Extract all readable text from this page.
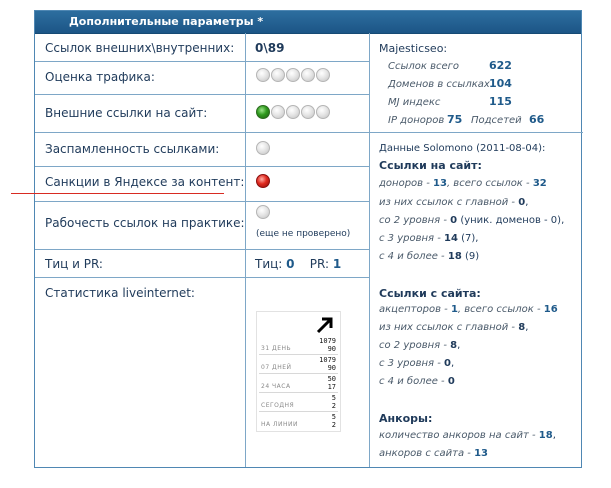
Дополнительные параметры *
Ссылок внешних\внутренних: 0\89
Оценка трафика:
Внешние ссылки на сайт:
Заспамленность ссылками:
Санкции в Яндексе за контент:
Рабочесть ссылок на практике:
(еще не проверено)
Тиц и PR:	Тиц: 0 PR: 1
Статистика liveinternet:
31 ДЕНЬ
1079
90
07 ДНЕЙ
1079
90
24 ЧАСА
50
17
СЕГОДНЯ
5
2
НА ЛИНИИ
5
2
Majesticseo:
Ссылок всего	622
Доменов в ссылках 104
MJ индекс	115
IP доноров 75 Подсетей 66
Данные Solomono (2011-08-04):
Ссылки на сайт:
доноров - 13, всего ссылок - 32
из них ссылок с главной - 0,
со 2 уровня - 0 (уник. доменов - 0),
с 3 уровня - 14 (7),
с 4 и более - 18 (9)
Ссылки с сайта:
акцепторов - 1, всего ссылок - 16
из них ссылок с главной - 8,
со 2 уровня - 8,
с 3 уровня - 0,
с 4 и более - 0
Анкоры:
количество анкоров на сайт - 18,
анкоров с сайта - 13
